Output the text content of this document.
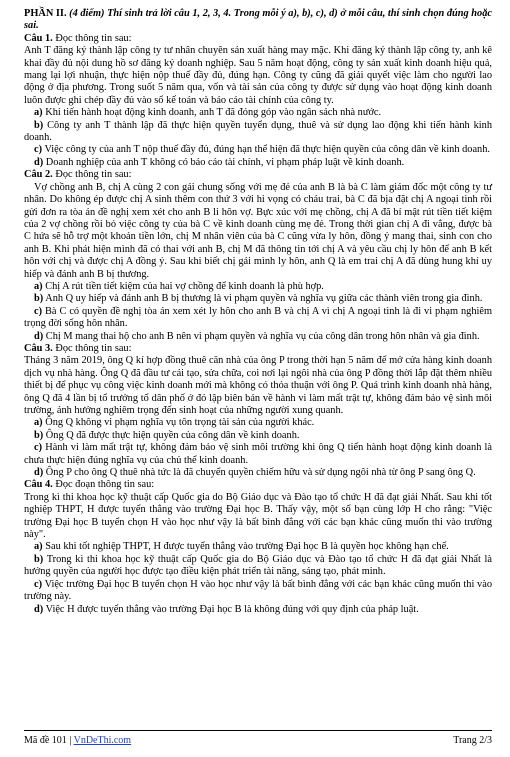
PHẦN II. (4 điểm) Thí sinh trả lời câu 1, 2, 3, 4. Trong mỗi ý a), b), c), d) ở mỗi câu, thí sinh chọn đúng hoặc sai.

Câu 1. Đọc thông tin sau:

Anh T đăng ký thành lập công ty tư nhân chuyên sản xuất hàng may mặc. Khi đăng ký thành lập công ty, anh kê khai đầy đủ nội dung hồ sơ đăng ký doanh nghiệp. Sau 5 năm hoạt động, công ty sản xuất kinh doanh hiệu quả, mang lại lợi nhuận, thực hiện nộp thuế đầy đủ, đúng hạn. Công ty cũng đã giải quyết việc làm cho người lao động ở địa phương. Trong suốt 5 năm qua, vốn và tài sản của công ty được sử dụng vào hoạt động kinh doanh luôn được ghi chép đầy đủ vào sổ kế toán và báo cáo tài chính của công ty.

a) Khi tiến hành hoạt động kinh doanh, anh T đã đóng góp vào ngân sách nhà nước.

b) Công ty anh T thành lập đã thực hiện quyền tuyển dụng, thuê và sử dụng lao động khi tiến hành kinh doanh.

c) Việc công ty của anh T nộp thuế đầy đủ, đúng hạn thể hiện đã thực hiện quyền của công dân về kinh doanh.

d) Doanh nghiệp của anh T không có báo cáo tài chính, vi phạm pháp luật về kinh doanh.

Câu 2. Đọc thông tin sau:

Vợ chồng anh B, chị A cùng 2 con gái chung sống với mẹ đẻ của anh B là bà C làm giám đốc một công ty tư nhân. Do không ép được chị A sinh thêm con thứ 3 với hi vọng có cháu trai, bà C đã bịa đặt chị A ngoại tình rồi gửi đơn ra tòa án đề nghị xem xét cho anh B li hôn vợ. Bực xúc với mẹ chồng, chị A đã bí mật rút tiền tiết kiệm của 2 vợ chồng rồi bỏ việc công ty của bà C về kinh doanh cùng mẹ đẻ. Trong thời gian chị A đi vắng, được bà C hứa sẽ hỗ trợ một khoản tiền lớn, chị M nhân viên của bà C cũng vừa ly hôn, đồng ý mang thai, sinh con cho anh B. Khi phát hiện mình đã có thai với anh B, chị M đã thông tin tới chị A và yêu cầu chị ly hôn để anh B kết hôn với chị và được chị A đồng ý. Sau khi biết chị gái mình ly hôn, anh Q là em trai chị A đã dùng hung khí uy hiếp và đánh anh B bị thương.

a) Chị A rút tiền tiết kiệm của hai vợ chồng để kinh doanh là phù hợp.

b) Anh Q uy hiếp và đánh anh B bị thương là vi phạm quyền và nghĩa vụ giữa các thành viên trong gia đình.

c) Bà C có quyền đề nghị tòa án xem xét ly hôn cho anh B và chị A vì chị A ngoại tình là đi vi phạm nghiêm trọng đời sống hôn nhân.

d) Chị M mang thai hộ cho anh B nên vi phạm quyền và nghĩa vụ của công dân trong hôn nhân và gia đình.

Câu 3. Đọc thông tin sau:

Tháng 3 năm 2019, ông Q kí hợp đồng thuê căn nhà của ông P trong thời hạn 5 năm để mở cửa hàng kinh doanh dịch vụ nhà hàng. Ông Q đã đầu tư cải tạo, sửa chữa, coi nơi lại ngôi nhà của ông P đồng thời lắp đặt thêm nhiều thiết bị để phục vụ công việc kinh doanh mới mà không có thỏa thuận với ông P. Quá trình kinh doanh nhà hàng, ông Q đã 4 lần bị tổ trưởng tổ dân phố ở đó lập biên bản về hành vi làm mất trật tự, không đảm bảo vệ sinh môi trường, ảnh hưởng nghiêm trọng đến sinh hoạt của những người xung quanh.

a) Ông Q không vi phạm nghĩa vụ tôn trọng tài sản của người khác.

b) Ông Q đã được thực hiện quyền của công dân về kinh doanh.

c) Hành vi làm mất trật tự, không đảm bảo vệ sinh môi trường khi ông Q tiến hành hoạt động kinh doanh là chưa thực hiện đúng nghĩa vụ của chủ thể kinh doanh.

d) Ông P cho ông Q thuê nhà tức là đã chuyển quyền chiếm hữu và sử dụng ngôi nhà từ ông P sang ông Q.

Câu 4. Đọc đoạn thông tin sau:

Trong kì thi khoa học kỹ thuật cấp Quốc gia do Bộ Giáo dục và Đào tạo tổ chức H đã đạt giải Nhất. Sau khi tốt nghiệp THPT, H được tuyển thẳng vào trường Đại học B. Thấy vậy, một số bạn cùng lớp H cho rằng: "Việc trường Đại học B tuyển chọn H vào học như vậy là bất bình đẳng với các bạn khác cũng muốn thi vào trường này".

a) Sau khi tốt nghiệp THPT, H được tuyển thẳng vào trường Đại học B là quyền học không hạn chế.

b) Trong kì thi khoa học kỹ thuật cấp Quốc gia do Bộ Giáo dục và Đào tạo tổ chức H đã đạt giải Nhất là hưởng quyền của người học được tạo điều kiện phát triển tài năng, sáng tạo, phát minh.

c) Việc trường Đại học B tuyển chọn H vào học như vậy là bất bình đẳng với các bạn khác cũng muốn thi vào trường này.

d) Việc H được tuyển thẳng vào trường Đại học B là không đúng với quy định của pháp luật.

Mã đề 101 | VnDeThi.com	Trang 2/3
